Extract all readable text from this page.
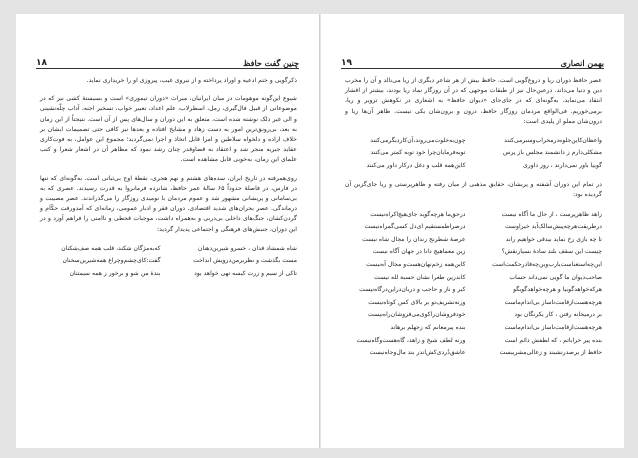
چنین گفت حافظ
۱۸

ذکرگویی و ختم ادعیه و اوراد پرداخته و از نیروی غیب، پیروزی او را خریداری نماید.

شیوع این‌گونه موهومات در میان ایرانیان، میراث «دوران تیموری» است و بسیستهٔ کشی نیز که در موضوعاتی از قبیل فال‌گیری، رمل، اسطرلاب، علم اعداد، تعبیر خواب، تسخیر اجنه، آداب چلّه‌نشینی و الی غیر ذلک نوشته شده است، متعلق به این دوران و سال‌های پس از آن است. نتیجتاً از این زمان به بعد، بی‌رونق‌ترین امور به دست زهاد و مشایخ افتاده و بعدها نیز کافی حتی تصمیمات ایشان بر خلاف اراده و دلخواه سلاطین و امرا قابل اتخاذ و اجرا نمی‌گردید؛ مجموع این عوامل، به فوت‌کاری عقاید جبریه منجر شد و اعتقاد به قضاوقدر چنان رشد نمود که مظاهر آن در اشعار شعرا و کتب علمای این زمان، به‌خوبی قابل مشاهده است.

روی‌همرفته در تاریخ ایران، سده‌های هشتم و نهم هجری، نقطهٔ اوج بی‌ثباتی است. به‌گونه‌ای که تنها در فارس، در فاصلهٔ حدوداً ۶۵ سالهٔ عمر حافظ، شانزده فرمانروا به قدرت رسیدند. عصری که به بی‌سامانی و پریشانی مشهور شد و عموم مردمان با نومیدی روزگار را می‌گذراندند. عصر مصیبت و درماندگی. عصر بحران‌های شدید اقتصادی. دوران فقر و ادبار عمومی، زمانه‌ای که آمدورفت حکّام و گردن‌کشان، جنگ‌های داخلی بی‌دربی و به‌همراه داشت، موجبات قحطی و ناامنی را فراهم آورد و در این دوران، جنبش‌های فرهنگی و اجتماعی پدیدار گردید:

شاه شمشاد قدان ، خسرو شیرین‌دهنان
که‌به‌مژگان شکند، قلب همه صف‌شکنان
مست بگذشت و نظربرمن‌درویش انداخت
گفت:کای‌چشم‌وچراغ همه‌شیرین‌سخنان
تاکی از سیم و زرت کیسه تهی خواهد بود
بندهٔ من شو و برخور ز همه سیمتنان
بهمن انصاری
۱۹

عصر حافظ دوران ریا و دروغ‌گویی است. حافظ بیش از هر شاعر دیگری از ریا می‌نالد و آن را مخرب دین و دنیا می‌داند. درعین‌حال نیز از طبقات موجهی که در آن روزگار نماد ریا بودند، بیشتر از اقشار انتقاد می‌نماید. به‌گونه‌ای که در جای‌جای «دیوان حافظ» به اشعاری در نکوهش تزویر و ریا، برمی‌خوریم. فی‌الواقع مردمان روزگار حافظ، درون و برون‌شان یکی نیست. ظاهر آن‌ها ریا و درون‌شان مملو از پلیدی است:

واعظان‌کاین‌جلوه‌درمحراب‌ومنبرمی‌کنند
چون‌به‌خلوت‌می‌روند،آن‌کاردیگرمی‌کنند
مشکلی‌دارم ز دانشمند مجلس باز پرس
توبه‌فرمایان‌چرا خود توبه کمتر می‌کنند
گوییا باور نمی‌دارند ، روز داوری
کاین‌همه قلب و دغل درکار داور می‌کنند

در تمام این دوران آشفته و پریشان، حقایق مذهبی از میان رفته و ظاهرپرستی و ریا جای‌گزین آن گردیده بود:

زاهد ظاهرپرست ، از حال ما آگاه نیست
درحق‌ما هرچه‌گوید جای‌هیچ‌اکراه‌نیست
درطریقت‌هرچه‌پیش‌سالک‌آید خیراوست
درصراطمستقیم ای‌دل کسی‌گمراه‌نیست
تا چه بازی رخ نماید بیدقی خواهیم راند
عرصهٔ شطرنج رندان را مجال شاه نیست
چیست این سقف بلند سادهٔ بسیارنقش؟
زین معماهیچ دانا در جهان آگاه نیست
این‌چه‌استغناست‌یارب‌وین‌چه‌قادرحکمت‌است
کاین‌همه زخم‌نهان‌هست‌و مجال آه‌نیست
صاحب‌دیوان ما گویی نمی‌داند حساب
کاندرین طغرا نشان حسبة لله نیست
هرکه‌خواهدگوبیا و هرچه‌خواهدگوبگو
کبر و ناز و حاجب و دربان‌دراین‌درگاه‌نیست
هرچه‌هست‌ازقامت‌ناساز بی‌اندام‌ماست
ورنه‌تشریف‌تو بر بالای کس کوتاه‌نیست
بر درمیخانه رفتن ، کار یکرنگان بود
خودفروشان‌راکوی‌می‌فروشان‌راه‌نیست
هرچه‌هست‌ازقامت‌ناساز بی‌اندام‌ماست
بنده پیرمغانم که زجهلم برهاند
بنده پیر خراباتم ، که لطفش دائم است
ورنه لطف شیخ و زاهد، گاه‌هست‌وگاه‌نیست
حافظ از برصدرنشیند و زعالی‌مشربیست
عاشق‌دُرد‌ی‌کش‌اندر بند مال‌وجاه‌نیست
